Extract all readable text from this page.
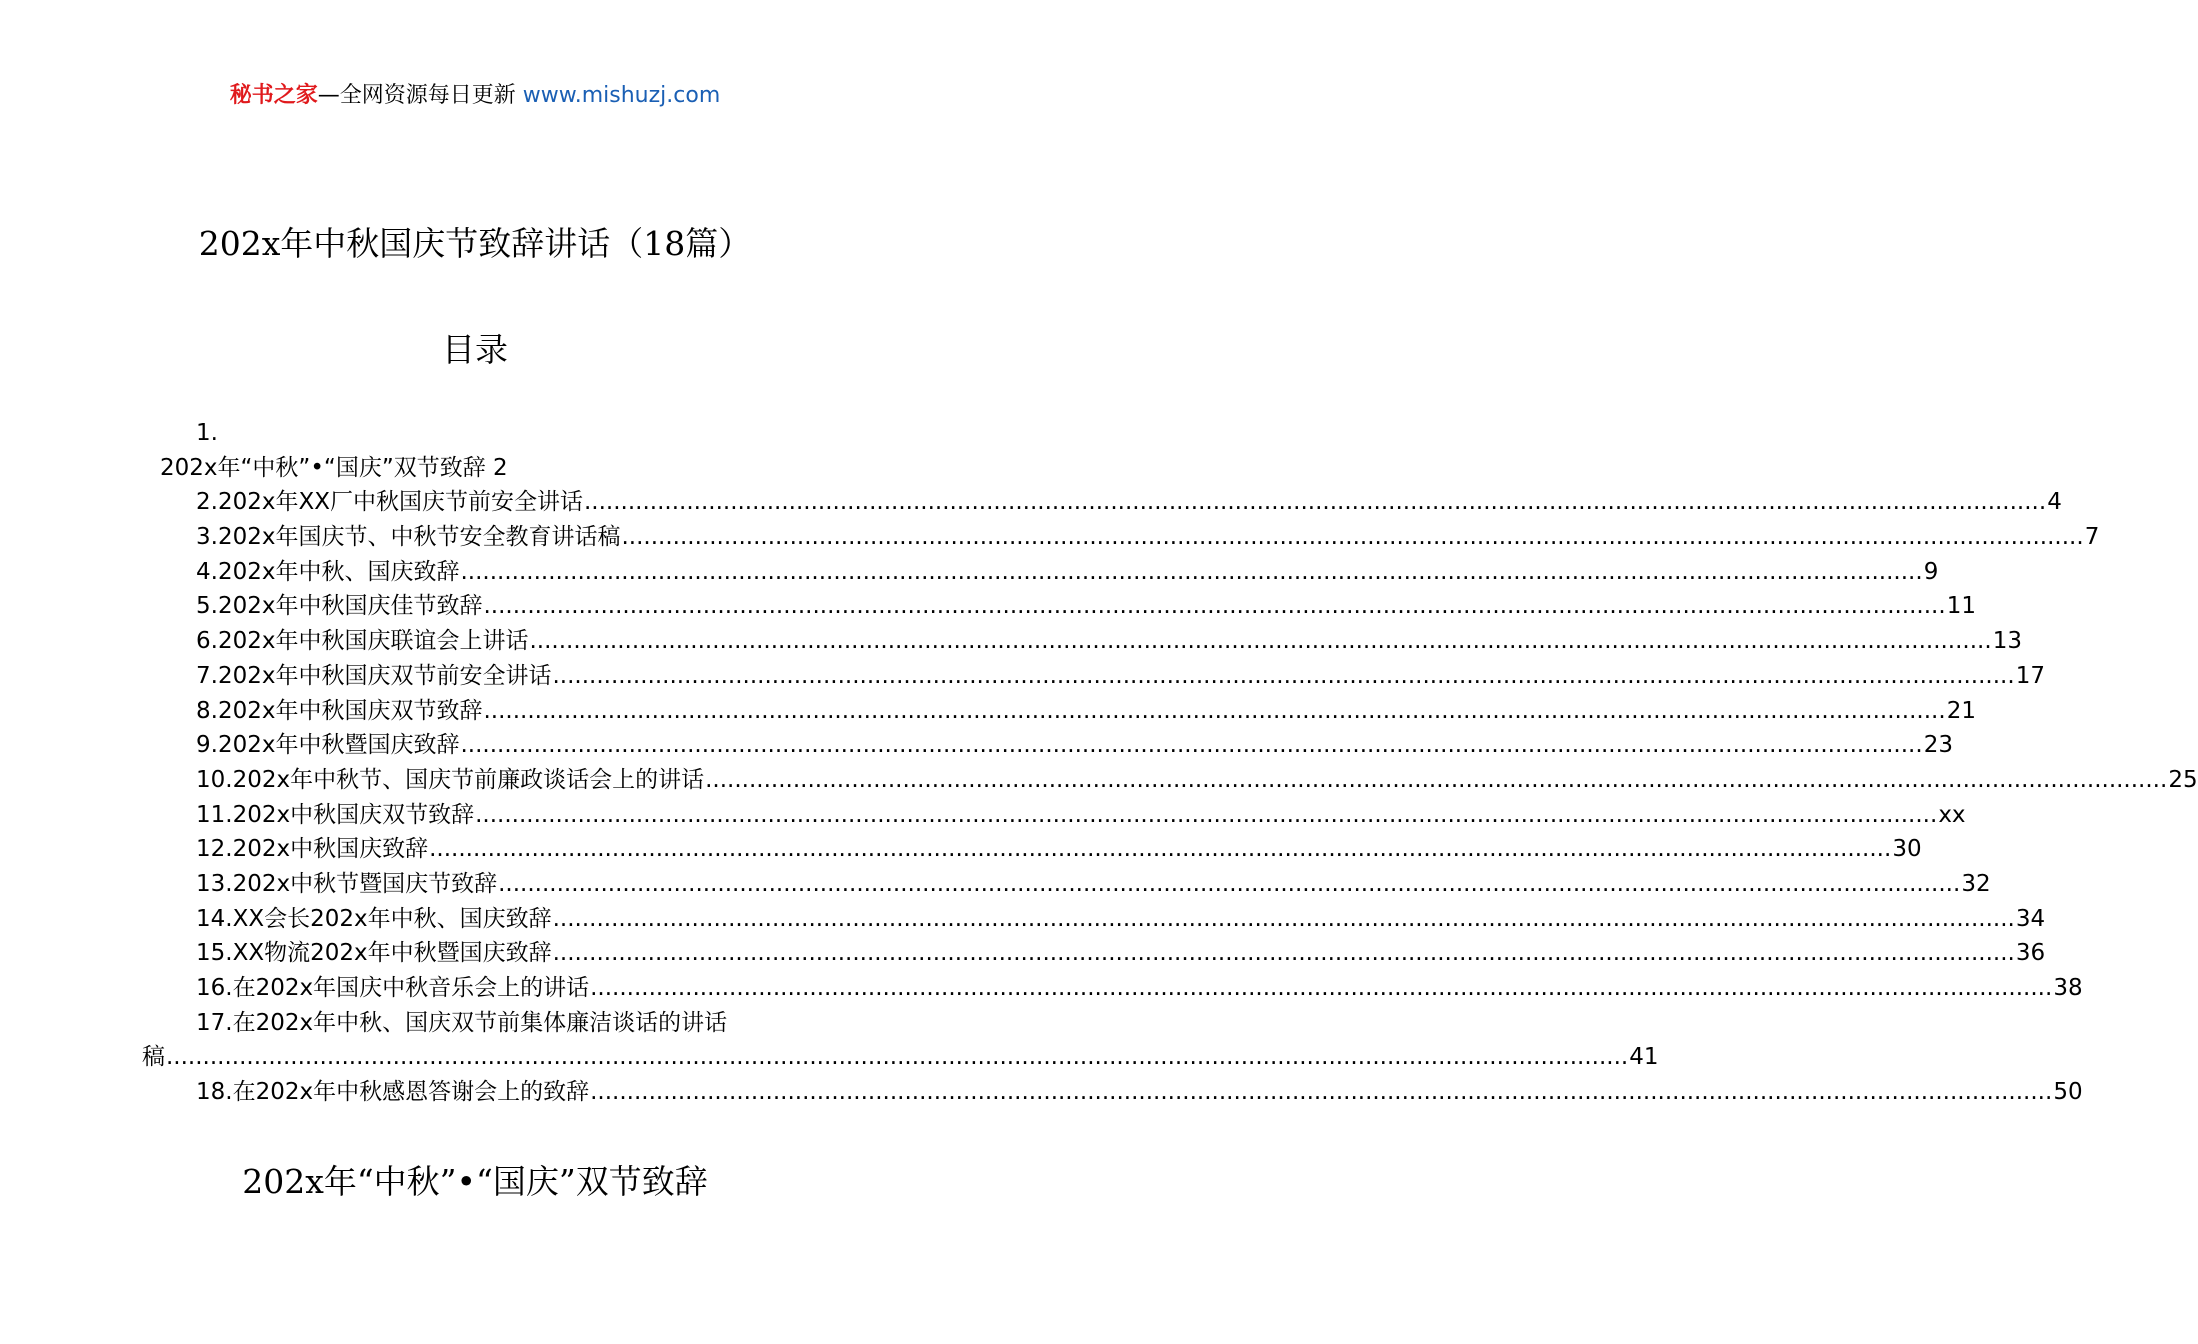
秘书之家—全网资源每日更新 www.mishuzj.com
202x年中秋国庆节致辞讲话（18篇）
目录
1.
202x年“中秋”•“国庆”双节致辞 2
2.202x年XX厂中秋国庆节前安全讲话 ........................................................................................................................................................................................................ 4
3.202x年国庆节、中秋节安全教育讲话稿 ........................................................................................................................................................................................................ 7
4.202x年中秋、国庆致辞 ........................................................................................................................................................................................................ 9
5.202x年中秋国庆佳节致辞 ........................................................................................................................................................................................................ 11
6.202x年中秋国庆联谊会上讲话 ........................................................................................................................................................................................................ 13
7.202x年中秋国庆双节前安全讲话 ........................................................................................................................................................................................................ 17
8.202x年中秋国庆双节致辞 ........................................................................................................................................................................................................ 21
9.202x年中秋暨国庆致辞 ........................................................................................................................................................................................................ 23
10.202x年中秋节、国庆节前廉政谈话会上的讲话 ........................................................................................................................................................................................................ 25
11.202x中秋国庆双节致辞 ........................................................................................................................................................................................................ xx
12.202x中秋国庆致辞 ........................................................................................................................................................................................................ 30
13.202x中秋节暨国庆节致辞 ........................................................................................................................................................................................................ 32
14.XX会长202x年中秋、国庆致辞 ........................................................................................................................................................................................................ 34
15.XX物流202x年中秋暨国庆致辞 ........................................................................................................................................................................................................ 36
16.在202x年国庆中秋音乐会上的讲话 ........................................................................................................................................................................................................ 38
17.在202x年中秋、国庆双节前集体廉洁谈话的讲话
稿 ........................................................................................................................................................................................................ 41
18.在202x年中秋感恩答谢会上的致辞 ........................................................................................................................................................................................................ 50
202x年“中秋”•“国庆”双节致辞
